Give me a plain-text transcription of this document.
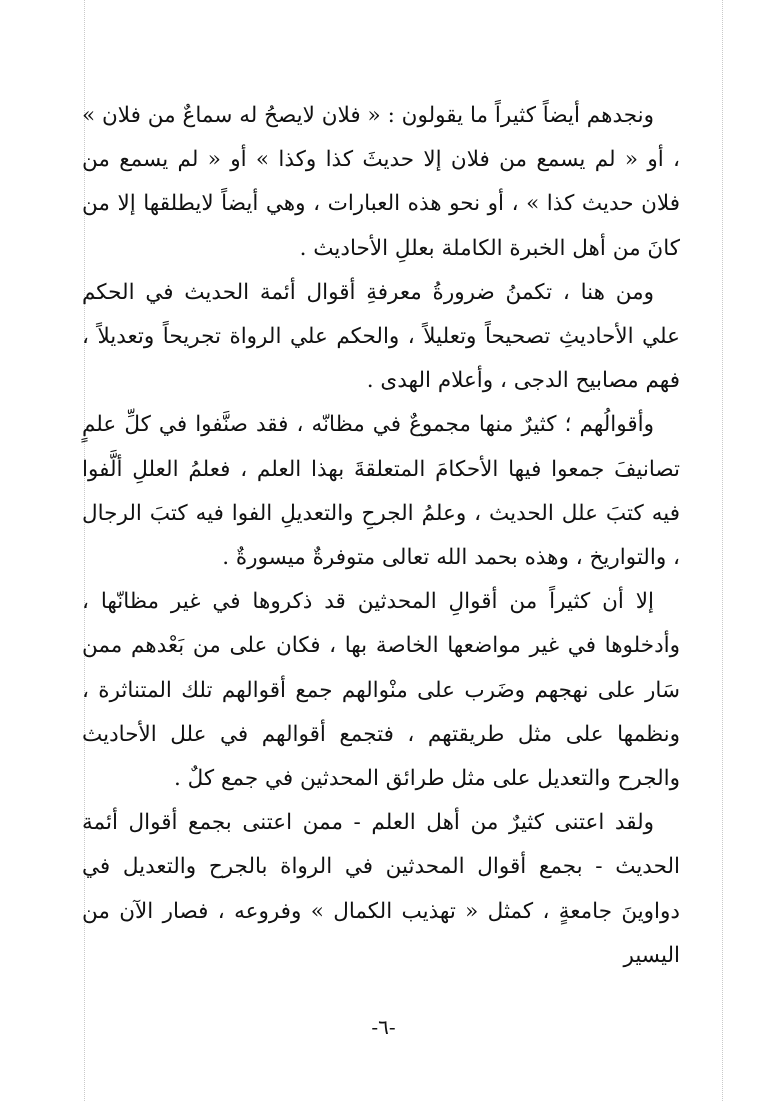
ونجدهم أيضاً كثيراً ما يقولون : « فلان لايصحُ له سماعٌ من فلان » ، أو « لم يسمع من فلان إلا حديثَ كذا وكذا » أو « لم يسمع من فلان حديث كذا » ، أو نحو هذه العبارات ، وهي أيضاً لايطلقها إلا من كانَ من أهل الخبرة الكاملة بعللِ الأحاديث .

ومن هنا ، تكمنُ ضرورةُ معرفةِ أقوال أئمة الحديث في الحكم علي الأحاديثِ تصحيحاً وتعليلاً ، والحكم علي الرواة تجريحاً وتعديلاً ، فهم مصابيح الدجى ، وأعلام الهدى .

وأقوالُهم ؛ كثيرٌ منها مجموعٌ في مظانّه ، فقد صنَّفوا في كلِّ علمٍ تصانيفَ جمعوا فيها الأحكامَ المتعلقةَ بهذا العلم ، فعلمُ العللِ ألَّفوا فيه كتبَ علل الحديث ، وعلمُ الجرحِ والتعديلِ الفوا فيه كتبَ الرجال ، والتواريخ ، وهذه بحمد الله تعالى متوفرةٌ ميسورةٌ .

إلا أن كثيراً من أقوالِ المحدثين قد ذكروها في غير مظانّها ، وأدخلوها في غير مواضعها الخاصة بها ، فكان على من بَعْدهم ممن سَار على نهجهم وضَرب على منْوالهم جمع أقوالهم تلك المتناثرة ، ونظمها على مثل طريقتهم ، فتجمع أقوالهم في علل الأحاديث والجرح والتعديل على مثل طرائق المحدثين في جمع كلٌ .

ولقد اعتنى كثيرٌ من أهل العلم - ممن اعتنى بجمع أقوال أئمة الحديث - بجمع أقوال المحدثين في الرواة بالجرح والتعديل في دواوينَ جامعةٍ ، كمثل « تهذيب الكمال » وفروعه ، فصار الآن من اليسير

-٦-
